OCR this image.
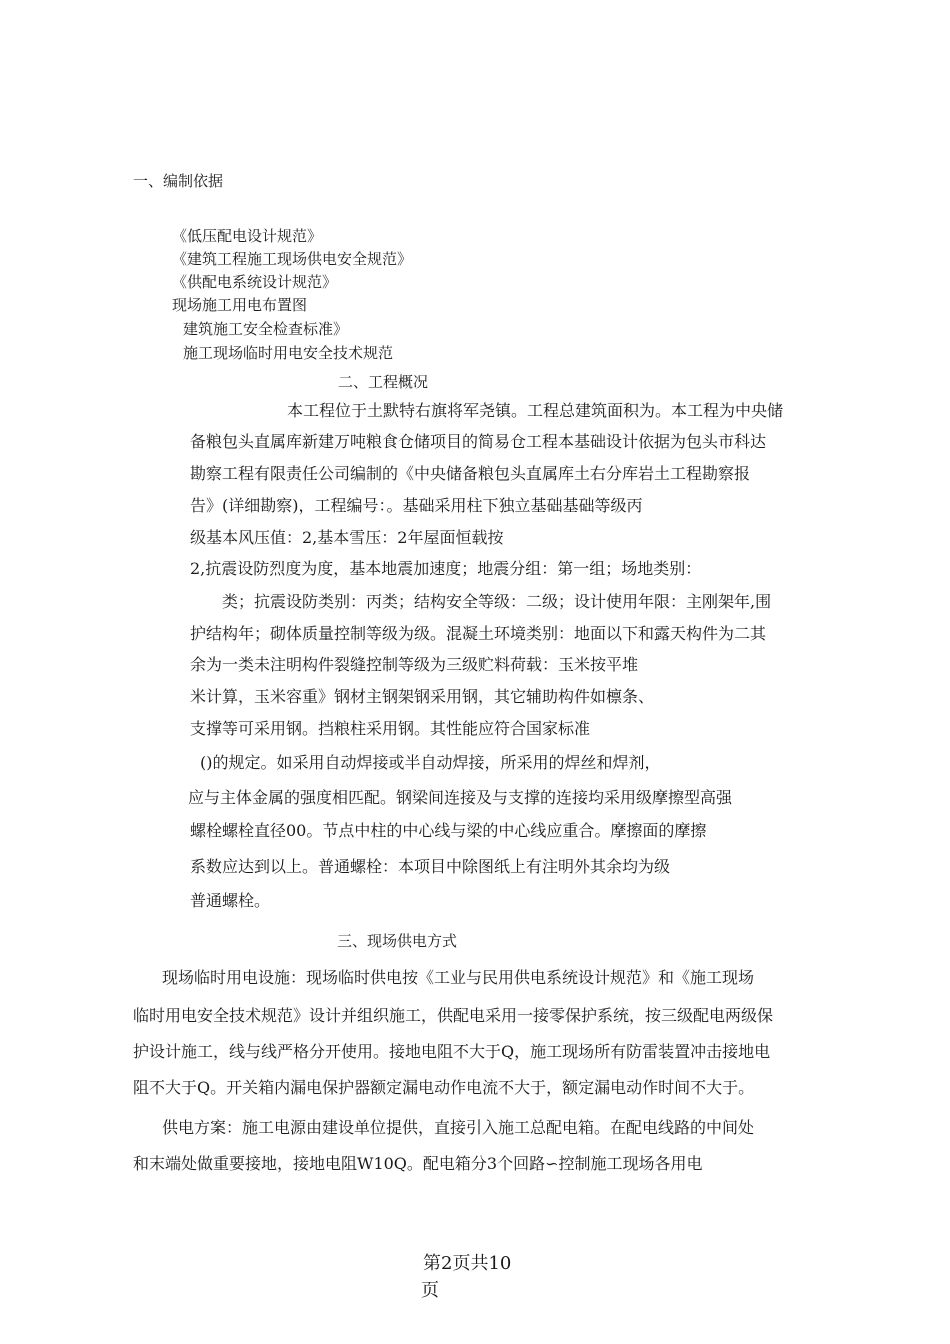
一、编制依据
《低压配电设计规范》
《建筑工程施工现场供电安全规范》
《供配电系统设计规范》
现场施工用电布置图
建筑施工安全检查标准》
施工现场临时用电安全技术规范
二、工程概况
本工程位于土默特右旗将军尧镇。工程总建筑面积为。本工程为中央储
备粮包头直属库新建万吨粮食仓储项目的简易仓工程本基础设计依据为包头市科达
勘察工程有限责任公司编制的《中央储备粮包头直属库土右分库岩土工程勘察报
告》(详细勘察)，工程编号：。基础采用柱下独立基础基础等级丙
级基本风压值：2,基本雪压：2年屋面恒载按
2,抗震设防烈度为度，基本地震加速度；地震分组：第一组；场地类别：
类；抗震设防类别：丙类；结构安全等级：二级；设计使用年限：主刚架年,围
护结构年；砌体质量控制等级为级。混凝土环境类别：地面以下和露天构件为二其
余为一类未注明构件裂缝控制等级为三级贮料荷载：玉米按平堆
米计算，玉米容重》钢材主钢架钢采用钢，其它辅助构件如檩条、
支撑等可采用钢。挡粮柱采用钢。其性能应符合国家标准
()的规定。如采用自动焊接或半自动焊接，所采用的焊丝和焊剂，
应与主体金属的强度相匹配。钢梁间连接及与支撑的连接均采用级摩擦型高强
螺栓螺栓直径00。节点中柱的中心线与梁的中心线应重合。摩擦面的摩擦
系数应达到以上。普通螺栓：本项目中除图纸上有注明外其余均为级
普通螺栓。
三、现场供电方式
现场临时用电设施：现场临时供电按《工业与民用供电系统设计规范》和《施工现场
临时用电安全技术规范》设计并组织施工，供配电采用一接零保护系统，按三级配电两级保
护设计施工，线与线严格分开使用。接地电阻不大于Q，施工现场所有防雷装置冲击接地电
阻不大于Q。开关箱内漏电保护器额定漏电动作电流不大于，额定漏电动作时间不大于。
供电方案：施工电源由建设单位提供，直接引入施工总配电箱。在配电线路的中间处
和末端处做重要接地，接地电阻W10Q。配电箱分3个回路∽控制施工现场各用电
第2页共10
页
